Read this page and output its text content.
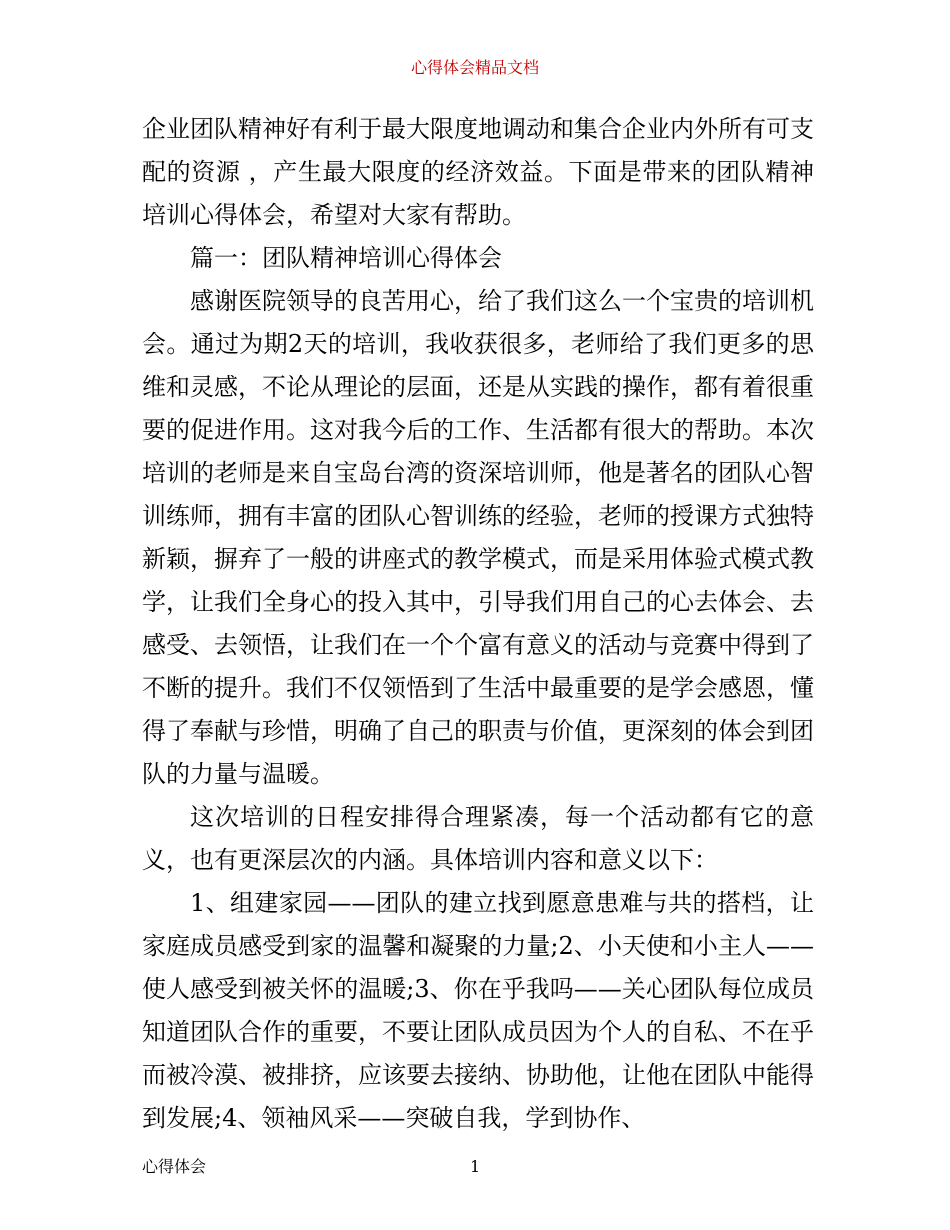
心得体会精品文档

企业团队精神好有利于最大限度地调动和集合企业内外所有可支配的资源 ，产生最大限度的经济效益。下面是带来的团队精神培训心得体会，希望对大家有帮助。

篇一：团队精神培训心得体会

感谢医院领导的良苦用心，给了我们这么一个宝贵的培训机会。通过为期2天的培训，我收获很多，老师给了我们更多的思维和灵感，不论从理论的层面，还是从实践的操作，都有着很重要的促进作用。这对我今后的工作、生活都有很大的帮助。本次培训的老师是来自宝岛台湾的资深培训师，他是著名的团队心智训练师，拥有丰富的团队心智训练的经验，老师的授课方式独特新颖，摒弃了一般的讲座式的教学模式，而是采用体验式模式教学，让我们全身心的投入其中，引导我们用自己的心去体会、去感受、去领悟，让我们在一个个富有意义的活动与竞赛中得到了不断的提升。我们不仅领悟到了生活中最重要的是学会感恩，懂得了奉献与珍惜，明确了自己的职责与价值，更深刻的体会到团队的力量与温暖。

这次培训的日程安排得合理紧凑，每一个活动都有它的意义，也有更深层次的内涵。具体培训内容和意义以下：

1、组建家园——团队的建立找到愿意患难与共的搭档，让家庭成员感受到家的温馨和凝聚的力量;2、小天使和小主人——使人感受到被关怀的温暖;3、你在乎我吗——关心团队每位成员知道团队合作的重要，不要让团队成员因为个人的自私、不在乎而被冷漠、被排挤，应该要去接纳、协助他，让他在团队中能得到发展;4、领袖风采——突破自我，学到协作、

心得体会	1
